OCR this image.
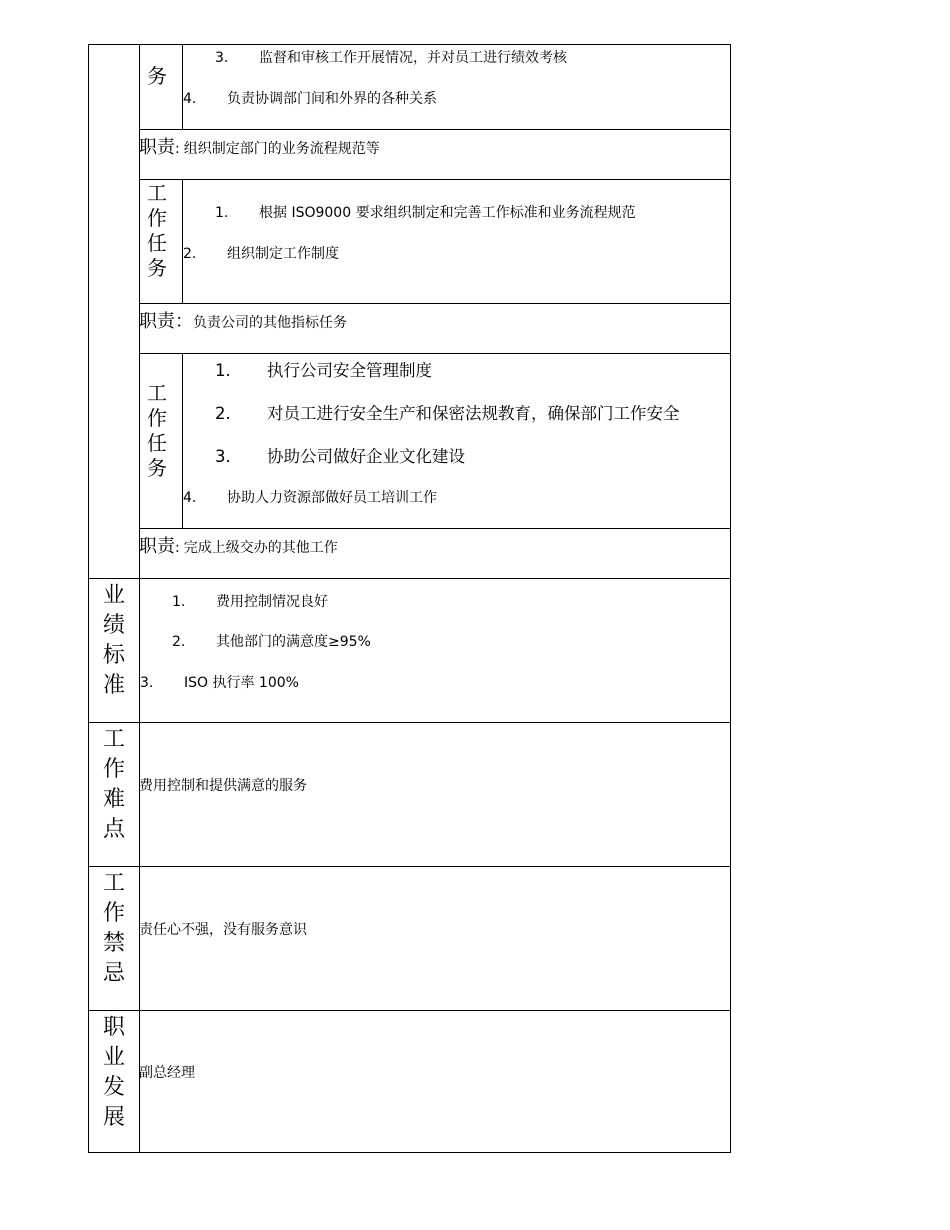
务
3. 监督和审核工作开展情况，并对员工进行绩效考核
4. 负责协调部门间和外界的各种关系
职责: 组织制定部门的业务流程规范等
工作任务
1. 根据 ISO9000 要求组织制定和完善工作标准和业务流程规范
2. 组织制定工作制度
职责：负责公司的其他指标任务
工作任务
1. 执行公司安全管理制度
2. 对员工进行安全生产和保密法规教育，确保部门工作安全
3. 协助公司做好企业文化建设
4. 协助人力资源部做好员工培训工作
职责: 完成上级交办的其他工作
业绩标准
1. 费用控制情况良好
2. 其他部门的满意度≥95%
3. ISO 执行率 100%
工作难点
费用控制和提供满意的服务
工作禁忌
责任心不强，没有服务意识
职业发展
副总经理
